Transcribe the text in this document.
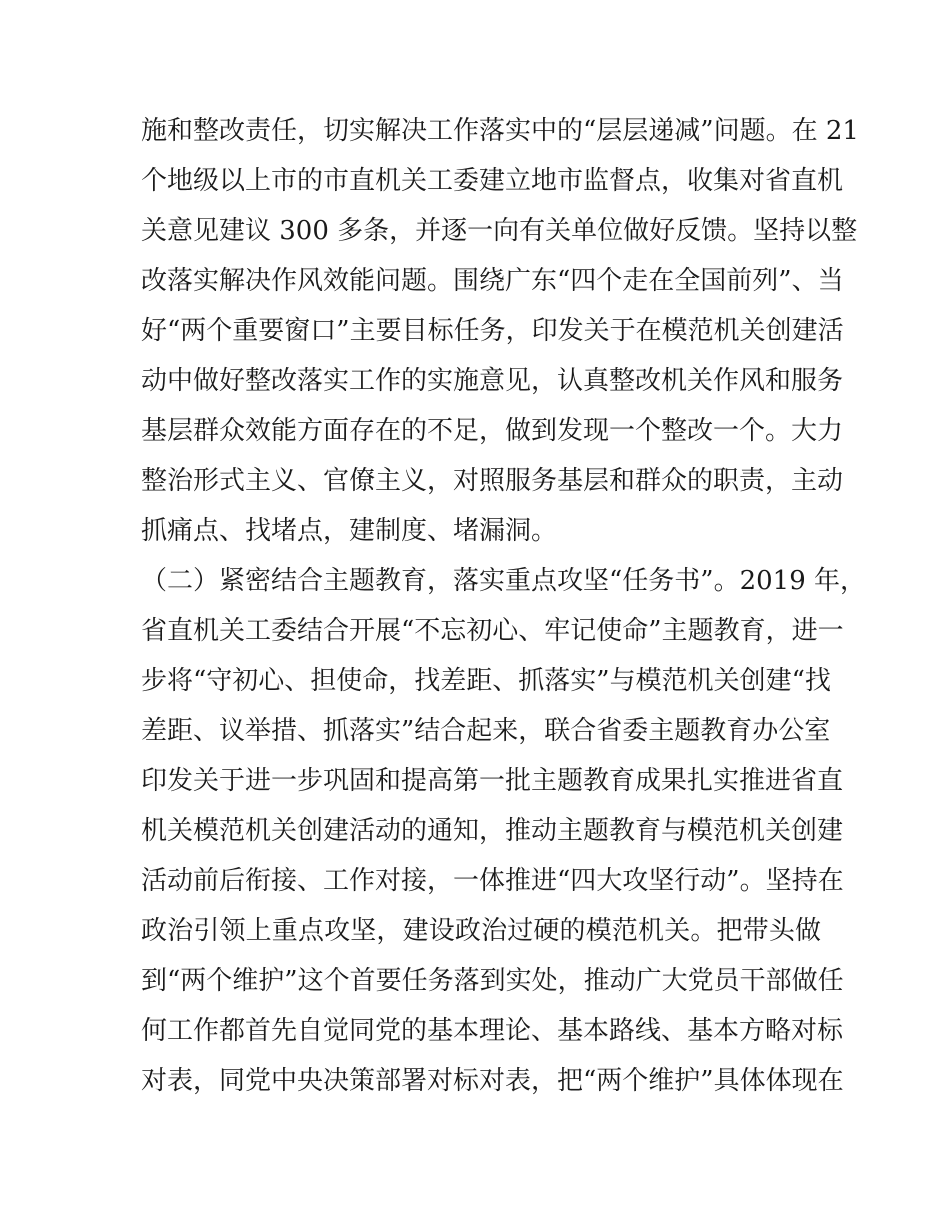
施和整改责任，切实解决工作落实中的“层层递减”问题。在 21
个地级以上市的市直机关工委建立地市监督点，收集对省直机
关意见建议 300 多条，并逐一向有关单位做好反馈。坚持以整
改落实解决作风效能问题。围绕广东“四个走在全国前列”、当
好“两个重要窗口”主要目标任务，印发关于在模范机关创建活
动中做好整改落实工作的实施意见，认真整改机关作风和服务
基层群众效能方面存在的不足，做到发现一个整改一个。大力
整治形式主义、官僚主义，对照服务基层和群众的职责，主动
抓痛点、找堵点，建制度、堵漏洞。
（二）紧密结合主题教育，落实重点攻坚“任务书”。2019 年，
省直机关工委结合开展“不忘初心、牢记使命”主题教育，进一
步将“守初心、担使命，找差距、抓落实”与模范机关创建“找
差距、议举措、抓落实”结合起来，联合省委主题教育办公室
印发关于进一步巩固和提高第一批主题教育成果扎实推进省直
机关模范机关创建活动的通知，推动主题教育与模范机关创建
活动前后衔接、工作对接，一体推进“四大攻坚行动”。坚持在
政治引领上重点攻坚，建设政治过硬的模范机关。把带头做
到“两个维护”这个首要任务落到实处，推动广大党员干部做任
何工作都首先自觉同党的基本理论、基本路线、基本方略对标
对表，同党中央决策部署对标对表，把“两个维护”具体体现在
